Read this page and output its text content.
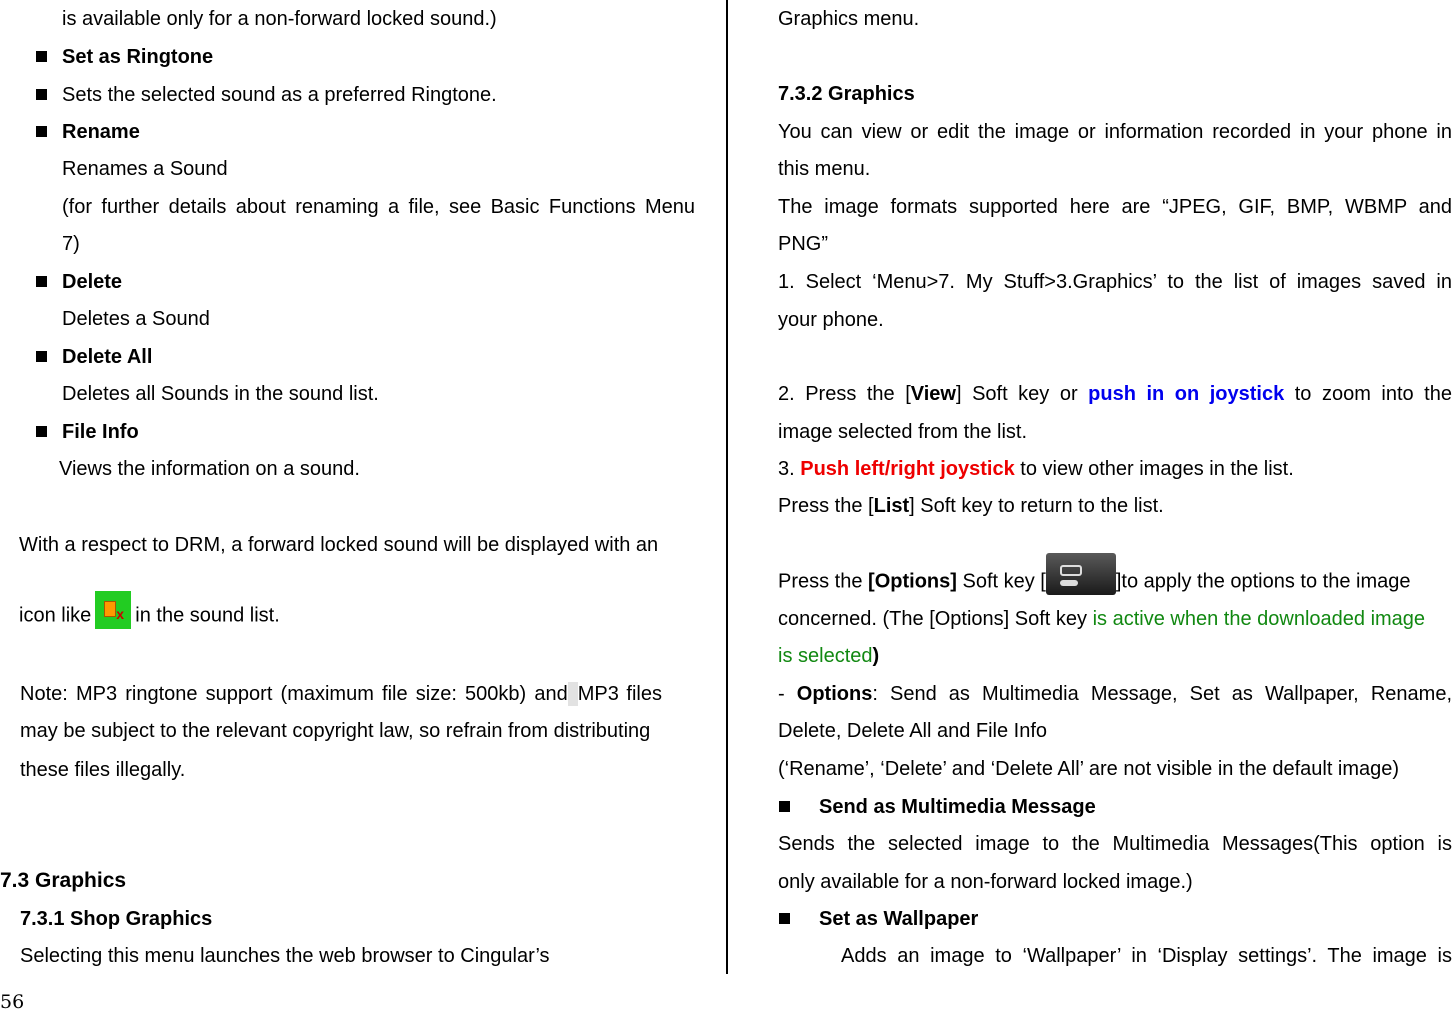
is available only for a non-forward locked sound.)
Set as Ringtone
Sets the selected sound as a preferred Ringtone.
Rename
Renames a Sound
(for further details about renaming a file, see Basic Functions Menu
7)
Delete
Deletes a Sound
Delete All
Deletes all Sounds in the sound list.
File Info
Views the information on a sound.
With a respect to DRM, a forward locked sound will be displayed with an
icon like x in the sound list.
Note: MP3 ringtone support (maximum file size: 500kb) and MP3 files
may be subject to the relevant copyright law, so refrain from distributing
these files illegally.
7.3 Graphics
7.3.1 Shop Graphics
Selecting this menu launches the web browser to Cingular’s
Graphics menu.
7.3.2 Graphics
You can view or edit the image or information recorded in your phone in
this menu.
The image formats supported here are “JPEG, GIF, BMP, WBMP and
PNG”
1. Select ‘Menu>7. My Stuff>3.Graphics’ to the list of images saved in
your phone.
2. Press the [View] Soft key or push in on joystick to zoom into the
image selected from the list.
3. Push left/right joystick to view other images in the list.
Press the [List] Soft key to return to the list.
Press the [Options] Soft key [	]to apply the options to the image
concerned. (The [Options] Soft key is active when the downloaded image
is selected)
- Options: Send as Multimedia Message, Set as Wallpaper, Rename,
Delete, Delete All and File Info
(‘Rename’, ‘Delete’ and ‘Delete All’ are not visible in the default image)
Send as Multimedia Message
Sends the selected image to the Multimedia Messages(This option is
only available for a non-forward locked image.)
Set as Wallpaper
Adds an image to ‘Wallpaper’ in ‘Display settings’. The image is
56
